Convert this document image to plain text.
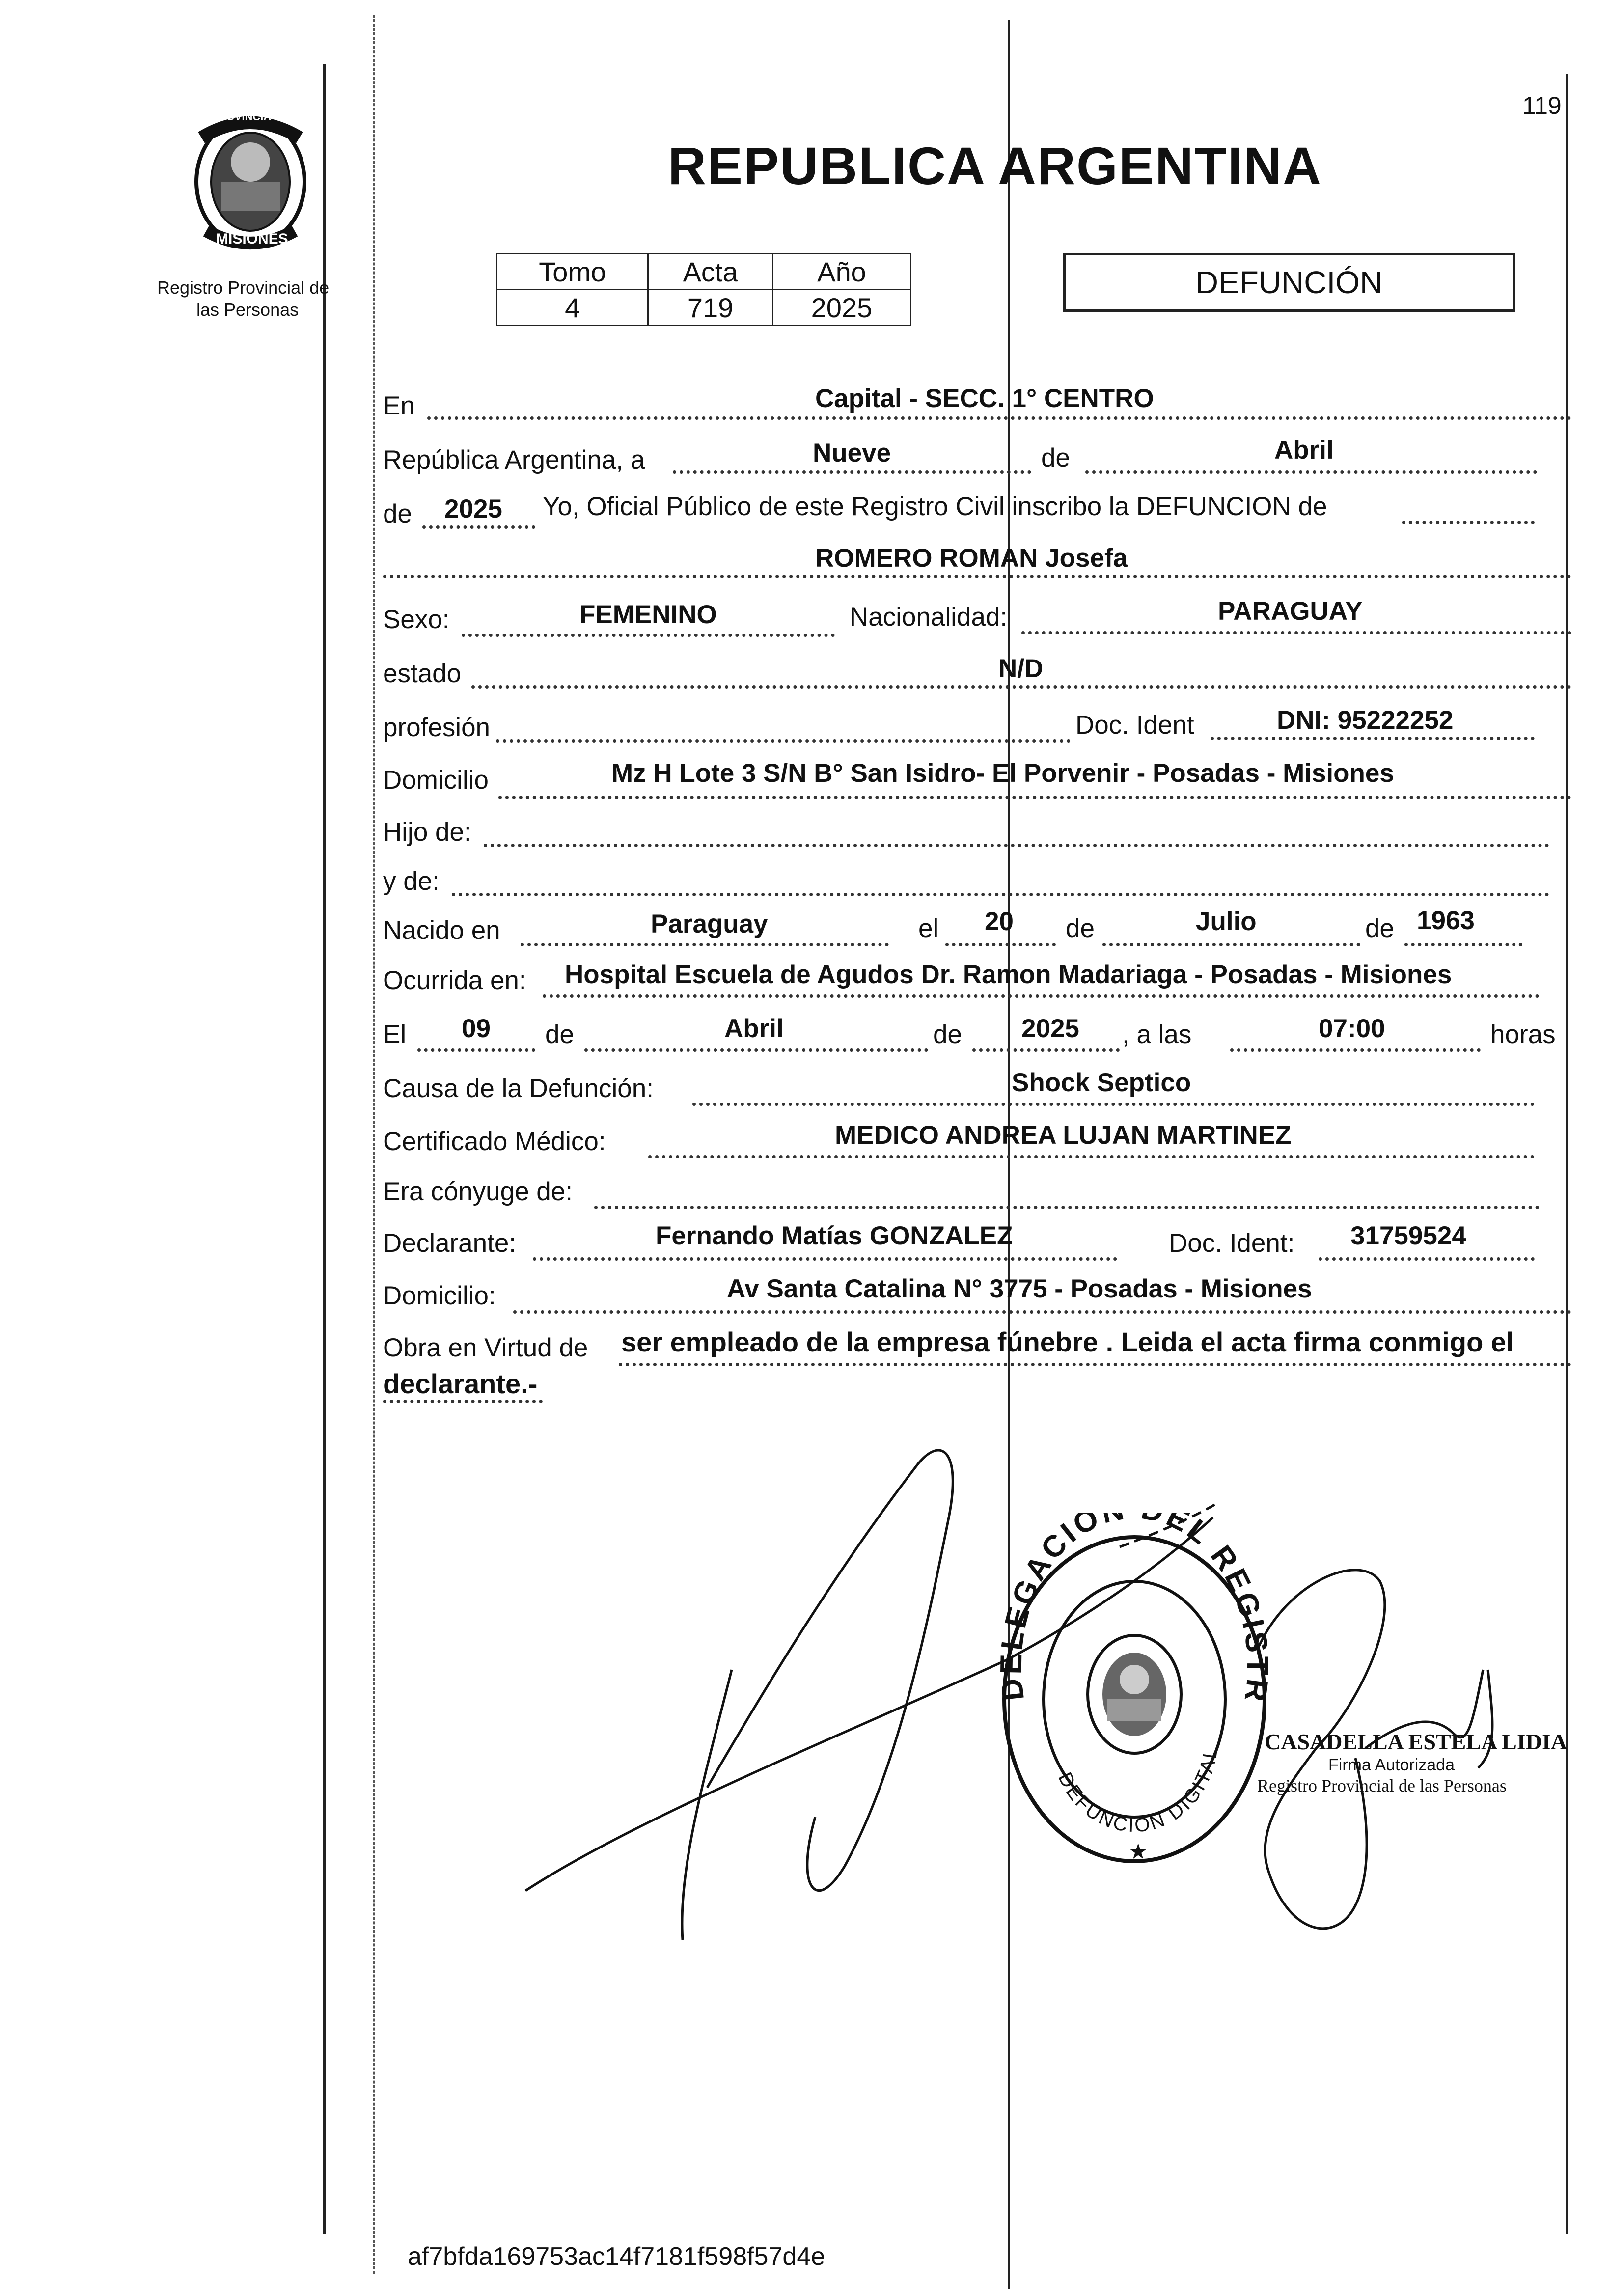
119
PROVINCIA DE
MISIONES
Registro Provincial de
las Personas
REPUBLICA ARGENTINA
Tomo	Acta	Año
4	719	2025
DEFUNCIÓN
En	Capital - SECC. 1° CENTRO
República Argentina, a	Nueve	de	Abril
de 2025 Yo, Oficial Público de este Registro Civil inscribo la DEFUNCION de
ROMERO ROMAN Josefa
Sexo:	FEMENINO	Nacionalidad:	PARAGUAY
estado	N/D
profesión	Doc. Ident	DNI: 95222252
Domicilio	Mz H Lote 3 S/N B° San Isidro- El Porvenir - Posadas - Misiones
Hijo de:
y de:
Nacido en	Paraguay	el 20 de	Julio	de 1963
Ocurrida en: Hospital Escuela de Agudos Dr. Ramon Madariaga - Posadas - Misiones
El 09 de	Abril	de 2025 , a las	07:00	horas
Causa de la Defunción:	Shock Septico
Certificado Médico:	MEDICO ANDREA LUJAN MARTINEZ
Era cónyuge de:
Declarante:	Fernando Matías GONZALEZ	Doc. Ident: 31759524
Domicilio:	Av Santa Catalina N° 3775 - Posadas - Misiones
Obra en Virtud de ser empleado de la empresa fúnebre . Leida el acta firma conmigo el
declarante.-
DELEGACIÓ EL REGISTR
★
DEFUNCION DIGITAL CASADELLA ESTELA LIDIA
Firma Autorizada
Registro Provincial de las Personas
af7bfda169753ac14f7181f598f57d4e
